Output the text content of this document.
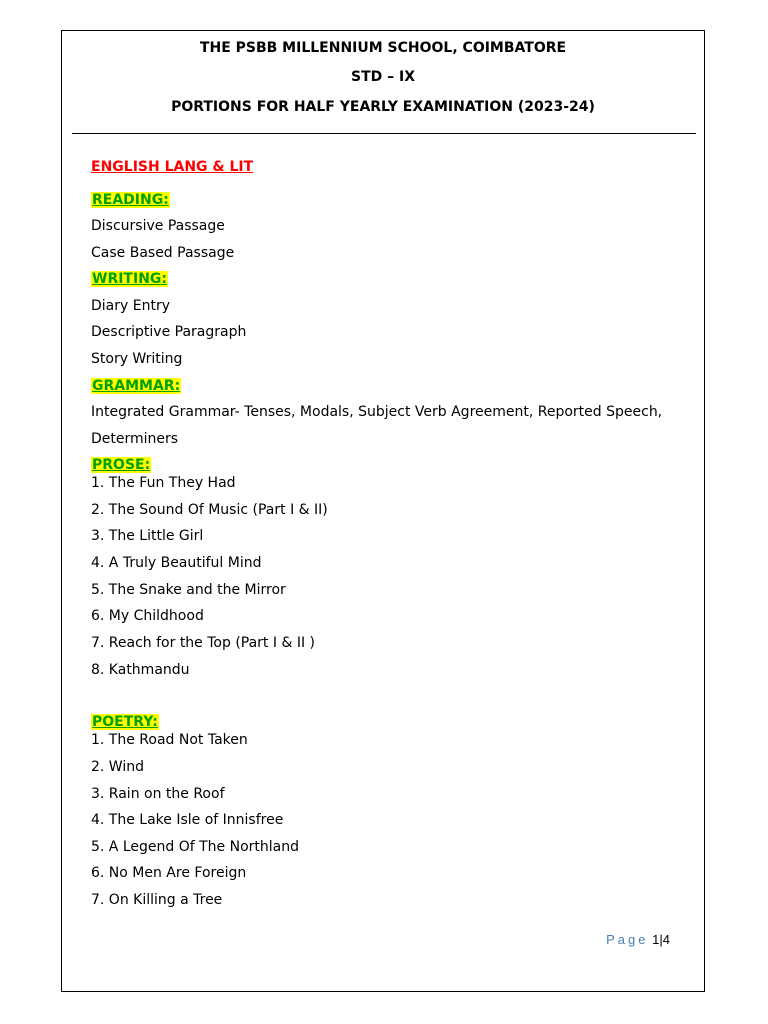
THE PSBB MILLENNIUM SCHOOL, COIMBATORE
STD – IX
PORTIONS FOR HALF YEARLY EXAMINATION (2023-24)
ENGLISH LANG & LIT
READING:
Discursive Passage
Case Based Passage
WRITING:
Diary Entry
Descriptive Paragraph
Story Writing
GRAMMAR:
Integrated Grammar- Tenses, Modals, Subject Verb Agreement, Reported Speech,
Determiners
PROSE:
1. The Fun They Had
2. The Sound Of Music (Part I & II)
3. The Little Girl
4. A Truly Beautiful Mind
5. The Snake and the Mirror
6. My Childhood
7. Reach for the Top (Part I & II )
8. Kathmandu
POETRY:
1. The Road Not Taken
2. Wind
3. Rain on the Roof
4. The Lake Isle of Innisfree
5. A Legend Of The Northland
6. No Men Are Foreign
7. On Killing a Tree
Page 1|4
